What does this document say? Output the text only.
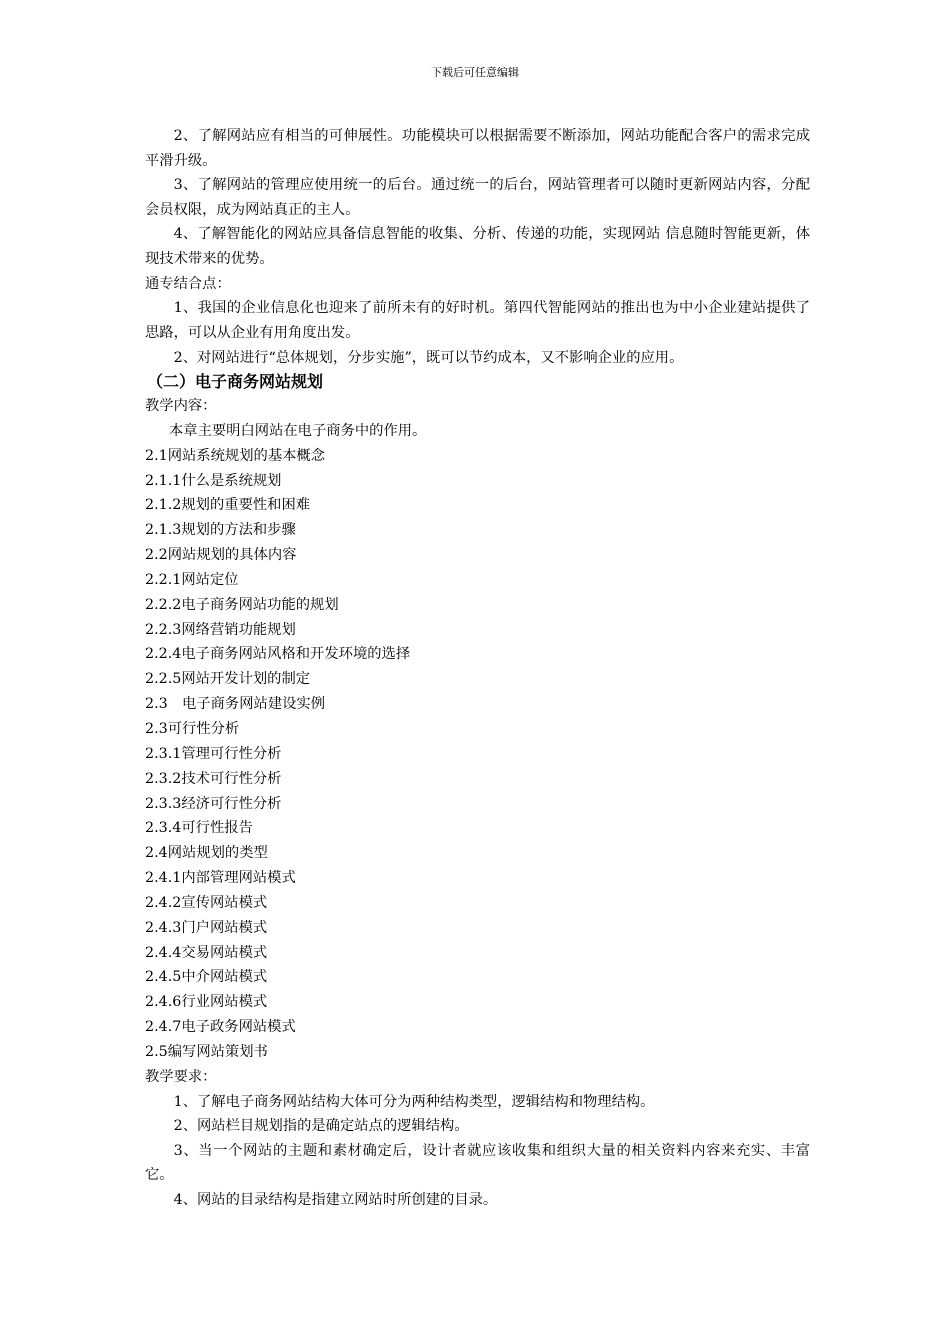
下载后可任意编辑
2、了解网站应有相当的可伸展性。功能模块可以根据需要不断添加，网站功能配合客户的需求完成平滑升级。
3、了解网站的管理应使用统一的后台。通过统一的后台，网站管理者可以随时更新网站内容，分配会员权限，成为网站真正的主人。
4、了解智能化的网站应具备信息智能的收集、分析、传递的功能，实现网站 信息随时智能更新，体现技术带来的优势。
通专结合点：
1、我国的企业信息化也迎来了前所未有的好时机。第四代智能网站的推出也为中小企业建站提供了思路，可以从企业有用角度出发。
2、对网站进行“总体规划，分步实施”，既可以节约成本，又不影响企业的应用。
（二）电子商务网站规划
教学内容：
本章主要明白网站在电子商务中的作用。
2.1网站系统规划的基本概念
2.1.1什么是系统规划
2.1.2规划的重要性和困难
2.1.3规划的方法和步骤
2.2网站规划的具体内容
2.2.1网站定位
2.2.2电子商务网站功能的规划
2.2.3网络营销功能规划
2.2.4电子商务网站风格和开发环境的选择
2.2.5网站开发计划的制定
2.3　电子商务网站建设实例
2.3可行性分析
2.3.1管理可行性分析
2.3.2技术可行性分析
2.3.3经济可行性分析
2.3.4可行性报告
2.4网站规划的类型
2.4.1内部管理网站模式
2.4.2宣传网站模式
2.4.3门户网站模式
2.4.4交易网站模式
2.4.5中介网站模式
2.4.6行业网站模式
2.4.7电子政务网站模式
2.5编写网站策划书
教学要求：
1、了解电子商务网站结构大体可分为两种结构类型，逻辑结构和物理结构。
2、网站栏目规划指的是确定站点的逻辑结构。
3、当一个网站的主题和素材确定后，设计者就应该收集和组织大量的相关资料内容来充实、丰富它。
4、网站的目录结构是指建立网站时所创建的目录。
